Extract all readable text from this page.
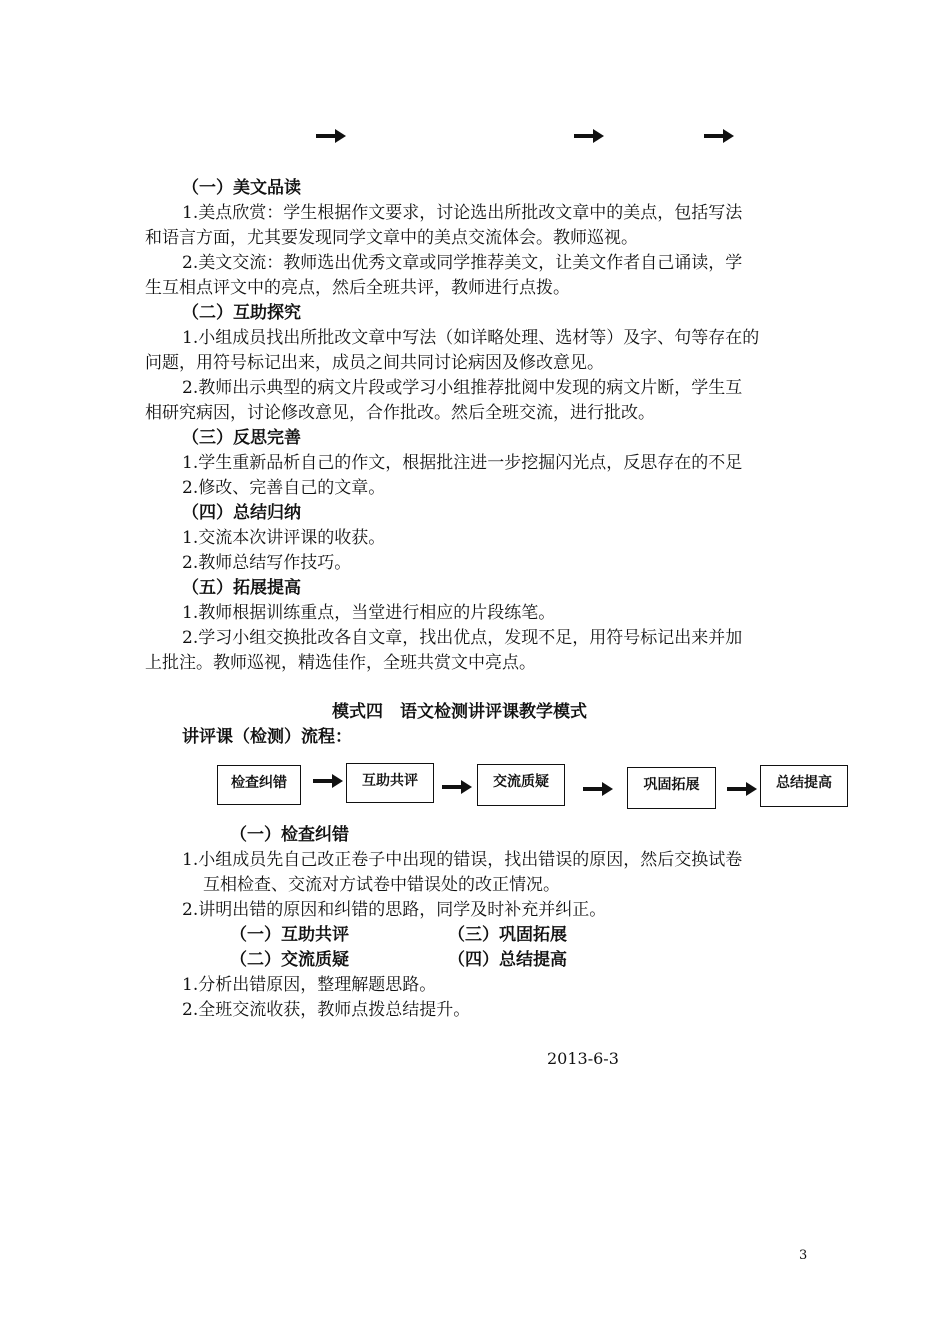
（一）美文品读
1.美点欣赏：学生根据作文要求，讨论选出所批改文章中的美点，包括写法
和语言方面，尤其要发现同学文章中的美点交流体会。教师巡视。
2.美文交流：教师选出优秀文章或同学推荐美文，让美文作者自己诵读，学
生互相点评文中的亮点，然后全班共评，教师进行点拨。
（二）互助探究
1.小组成员找出所批改文章中写法（如详略处理、选材等）及字、句等存在的
问题，用符号标记出来，成员之间共同讨论病因及修改意见。
2.教师出示典型的病文片段或学习小组推荐批阅中发现的病文片断，学生互
相研究病因，讨论修改意见，合作批改。然后全班交流，进行批改。
（三）反思完善
1.学生重新品析自己的作文，根据批注进一步挖掘闪光点，反思存在的不足
2.修改、完善自己的文章。
（四）总结归纳
1.交流本次讲评课的收获。
2.教师总结写作技巧。
（五）拓展提高
1.教师根据训练重点，当堂进行相应的片段练笔。
2.学习小组交换批改各自文章，找出优点，发现不足，用符号标记出来并加
上批注。教师巡视，精选佳作，全班共赏文中亮点。
模式四　语文检测讲评课教学模式
讲评课（检测）流程：
检查纠错	互助共评	交流质疑	巩固拓展	总结提高
（一）检查纠错
1.小组成员先自己改正卷子中出现的错误，找出错误的原因，然后交换试卷
互相检查、交流对方试卷中错误处的改正情况。
2.讲明出错的原因和纠错的思路，同学及时补充并纠正。
（一）互助共评	（三）巩固拓展
（二）交流质疑	（四）总结提高
1.分析出错原因，整理解题思路。
2.全班交流收获，教师点拨总结提升。
2013-6-3
3
